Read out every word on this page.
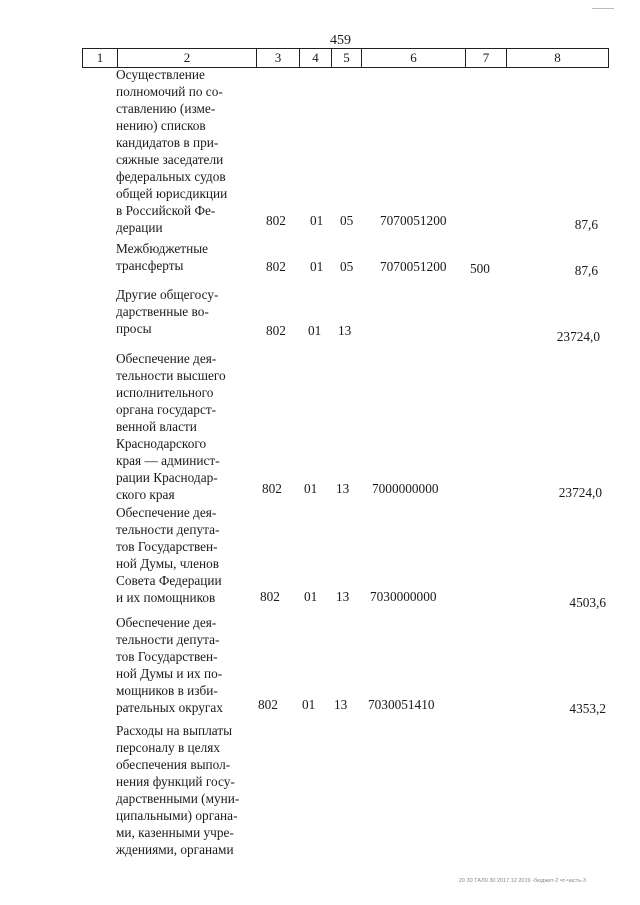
459
1	2	3	4	5	6	7	8
Осуществление
полномочий по со-
ставлению (изме-
нению) списков
кандидатов в при-
сяжные заседатели
федеральных судов
общей юрисдикции
в Российской Фе-
дерации	802 01 05 7070051200	87,6
Межбюджетные
трансферты	802 01 05 7070051200 500	87,6
Другие общегосу-
дарственные во-
просы	802 01 13	23724,0
Обеспечение дея-
тельности высшего
исполнительного
органа государст-
венной власти
Краснодарского
края — админист-
рации Краснодар-
ского края	802 01 13 7000000000	23724,0
Обеспечение дея-
тельности депута-
тов Государствен-
ной Думы, членов
Совета Федерации
и их помощников	802 01 13 7030000000	4503,6
Обеспечение дея-
тельности депута-
тов Государствен-
ной Думы и их по-
мощников в изби-
рательных округах	802 01 13 7030051410	4353,2
Расходы на выплаты
персоналу в целях
обеспечения выпол-
нения функций госу-
дарственными (муни-
ципальными) органа-
ми, казенными учре-
ждениями, органами
20 30 ТАЛ0 30 2017.12 2019 -бюджет-2 чт-часть-3
